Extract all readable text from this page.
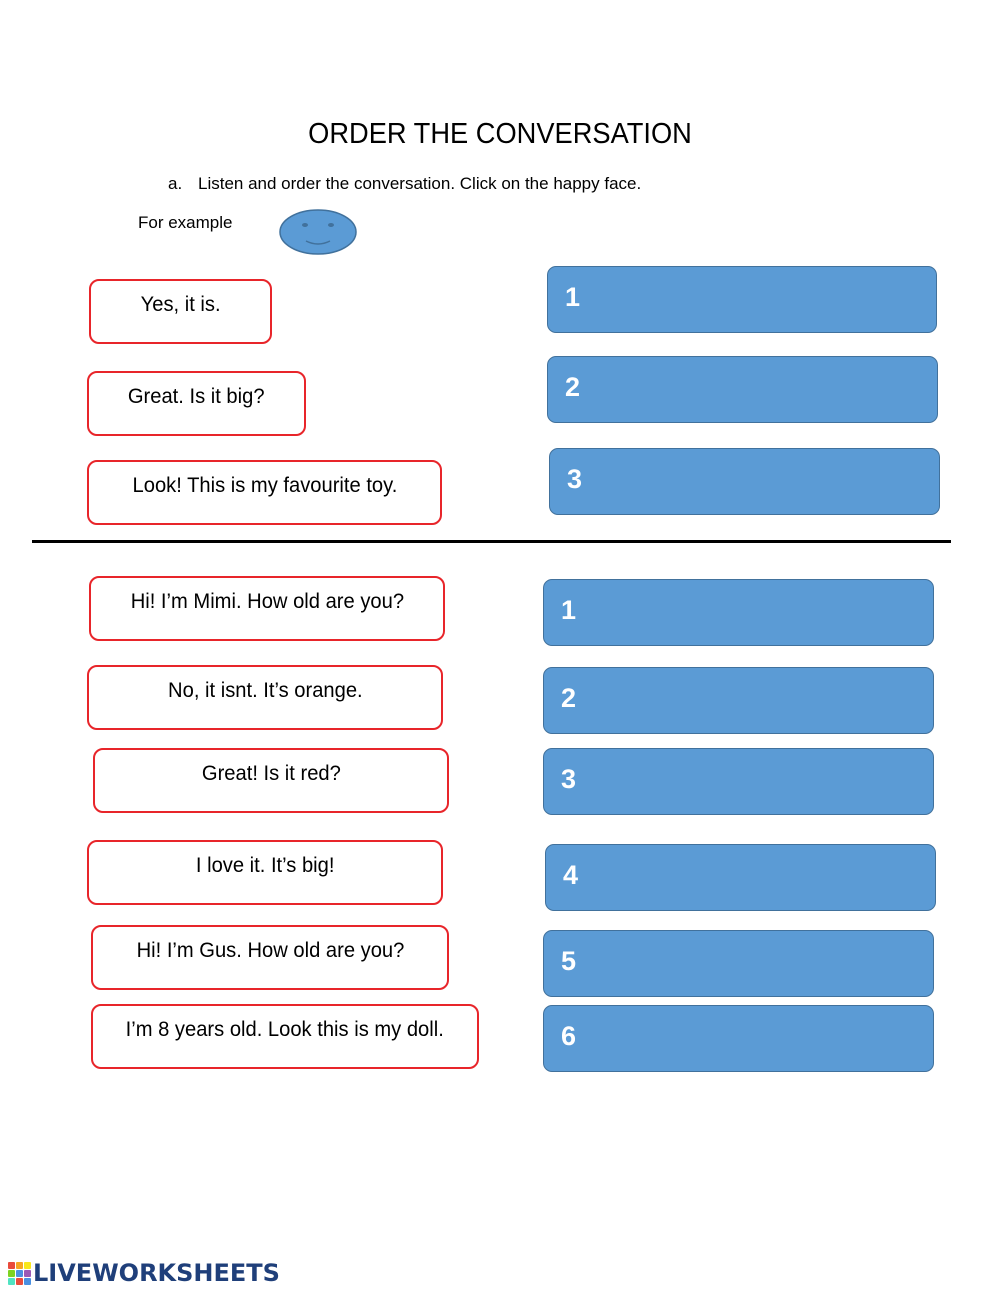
ORDER THE CONVERSATION
a. Listen and order the conversation. Click on the happy face.
For example
Yes, it is.
Great. Is it big?
Look! This is my favourite toy.
1
2
3
Hi! I’m Mimi. How old are you?
No, it isnt. It’s orange.
Great! Is it red?
I love it. It’s big!
Hi! I’m Gus. How old are you?
I’m 8 years old. Look this is my doll.
1
2
3
4
5
6
LIVEWORKSHEETS
